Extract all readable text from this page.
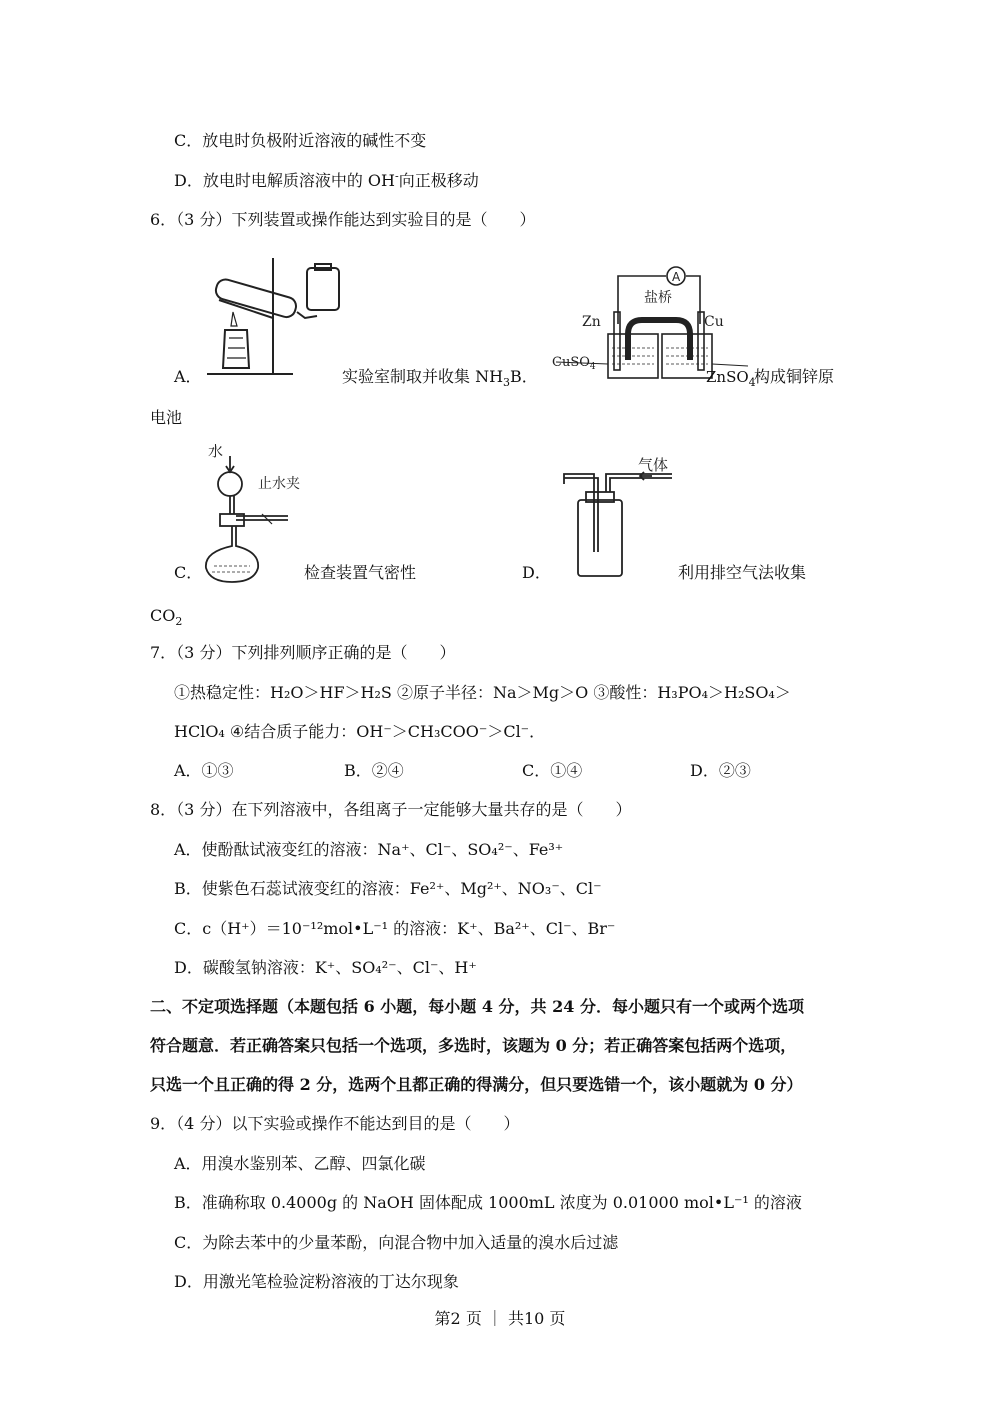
C．放电时负极附近溶液的碱性不变
D．放电时电解质溶液中的 OH-向正极移动
6．（3 分）下列装置或操作能达到实验目的是（　　）
A．	实验室制取并收集 $NH_3B$．
A
盐桥
Zn	Cu
CuSO$_4$
ZnSO$_4$
构成铜锌原
电池
水
止水夹
C．	检查装置气密性
气体
D．	利用排空气法收集
$CO_2$
7．（3 分）下列排列顺序正确的是（　　）
①热稳定性：H₂O＞HF＞H₂S ②原子半径：Na＞Mg＞O ③酸性：H₃PO₄＞H₂SO₄＞
HClO₄ ④结合质子能力：OH⁻＞CH₃COO⁻＞Cl⁻．
A．①③	B．②④	C．①④	D．②③
8．（3 分）在下列溶液中，各组离子一定能够大量共存的是（　　）
A．使酚酞试液变红的溶液：Na⁺、Cl⁻、SO₄²⁻、Fe³⁺
B．使紫色石蕊试液变红的溶液：Fe²⁺、Mg²⁺、NO₃⁻、Cl⁻
C．c（H⁺）＝10⁻¹²mol•L⁻¹ 的溶液：K⁺、Ba²⁺、Cl⁻、Br⁻
D．碳酸氢钠溶液：K⁺、SO₄²⁻、Cl⁻、H⁺
二、不定项选择题（本题包括 6 小题，每小题 4 分，共 24 分．每小题只有一个或两个选项
符合题意．若正确答案只包括一个选项，多选时，该题为 0 分；若正确答案包括两个选项，
只选一个且正确的得 2 分，选两个且都正确的得满分，但只要选错一个，该小题就为 0 分）
9．（4 分）以下实验或操作不能达到目的是（　　）
A．用溴水鉴别苯、乙醇、四氯化碳
B．准确称取 0.4000g 的 NaOH 固体配成 1000mL 浓度为 0.01000 mol•L⁻¹ 的溶液
C．为除去苯中的少量苯酚，向混合物中加入适量的溴水后过滤
D．用激光笔检验淀粉溶液的丁达尔现象
第2 页 ｜ 共10 页
